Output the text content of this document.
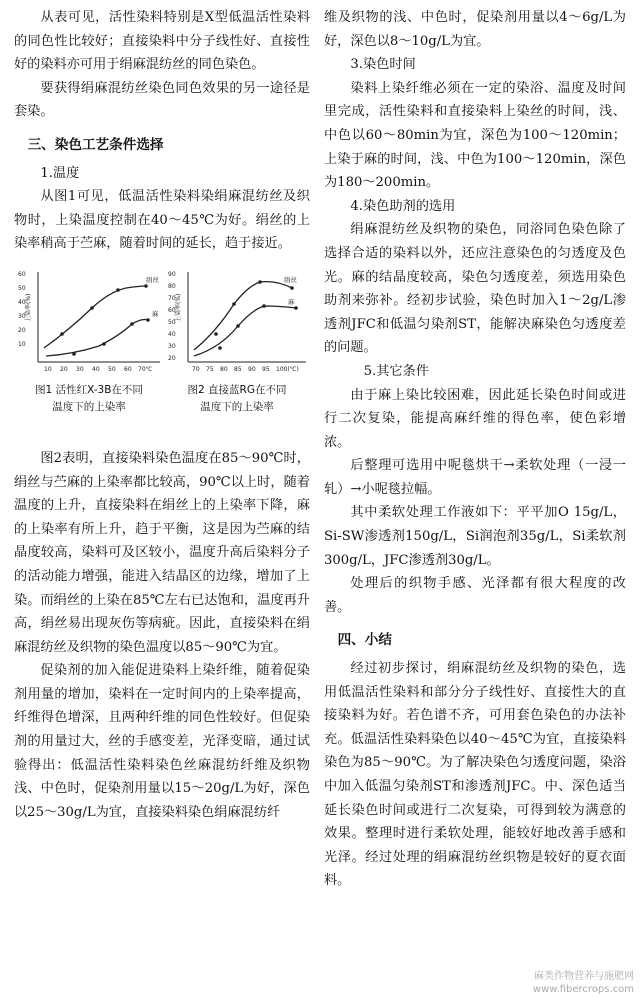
从表可见，活性染料特别是X型低温活性染料的同色性比较好；直接染料中分子线性好、直接性好的染料亦可用于绢麻混纺丝的同色染色。

要获得绢麻混纺丝染色同色效果的另一途径是套染。

三、染色工艺条件选择
1.温度

从图1可见，低温活性染料染绢麻混纺丝及织物时，上染温度控制在40～45℃为好。绢丝的上染率稍高于苎麻，随着时间的延长，趋于接近。

60
50
40
30
20
10
上染率(%)
绢丝
麻
10 20 30 40 50 60 70℃
图1 活性红X-3B在不同
温度下的上染率
90
80
70
60
50
40
30
20
上染率(%)
绢丝
麻
70 75 80 85 90 95 100(℃)
图2 直接蓝RG在不同
温度下的上染率

图2表明，直接染料染色温度在85～90℃时，绢丝与苎麻的上染率都比较高，90℃以上时，随着温度的上升，直接染料在绢丝上的上染率下降，麻的上染率有所上升，趋于平衡，这是因为苎麻的结晶度较高，染料可及区较小，温度升高后染料分子的活动能力增强，能进入结晶区的边缘，增加了上染。而绢丝的上染在85℃左右已达饱和，温度再升高，绢丝易出现灰伤等病疵。因此，直接染料在绢麻混纺丝及织物的染色温度以85～90℃为宜。

促染剂的加入能促进染料上染纤维，随着促染剂用量的增加，染料在一定时间内的上染率提高，纤维得色增深，且两种纤维的同色性较好。但促染剂的用量过大，丝的手感变差，光泽变暗，通过试验得出：低温活性染料染色丝麻混纺纤维及织物浅、中色时，促染剂用量以15～20g/L为好，深色以25～30g/L为宜，直接染料染色绢麻混纺纤

维及织物的浅、中色时，促染剂用量以4～6g/L为好，深色以8～10g/L为宜。

3.染色时间

染料上染纤维必须在一定的染浴、温度及时间里完成，活性染料和直接染料上染丝的时间，浅、中色以60～80min为宜，深色为100～120min；上染于麻的时间，浅、中色为100～120min，深色为180～200min。

4.染色助剂的选用

绢麻混纺丝及织物的染色，同浴同色染色除了选择合适的染料以外，还应注意染色的匀透度及色光。麻的结晶度较高，染色匀透度差，须选用染色助剂来弥补。经初步试验，染色时加入1～2g/L渗透剂JFC和低温匀染剂ST，能解决麻染色匀透度差的问题。

5.其它条件

由于麻上染比较困难，因此延长染色时间或进行二次复染，能提高麻纤维的得色率，使色彩增浓。

后整理可选用中呢毯烘干→柔软处理（一浸一轧）→小呢毯拉幅。

其中柔软处理工作液如下：平平加O 15g/L，Si-SW渗透剂150g/L，Si润泡剂35g/L，Si柔软剂300g/L，JFC渗透剂30g/L。

处理后的织物手感、光泽都有很大程度的改善。

四、小结

经过初步探讨，绢麻混纺丝及织物的染色，选用低温活性染料和部分分子线性好、直接性大的直接染料为好。若色谱不齐，可用套色染色的办法补充。低温活性染料染色以40～45℃为宜，直接染料染色为85～90℃。为了解决染色匀透度问题，染浴中加入低温匀染剂ST和渗透剂JFC。中、深色适当延长染色时间或进行二次复染，可得到较为满意的效果。整理时进行柔软处理，能较好地改善手感和光泽。经过处理的绢麻混纺丝织物是较好的夏衣面料。

麻类作物营养与施肥网
www.fibercrops.com
